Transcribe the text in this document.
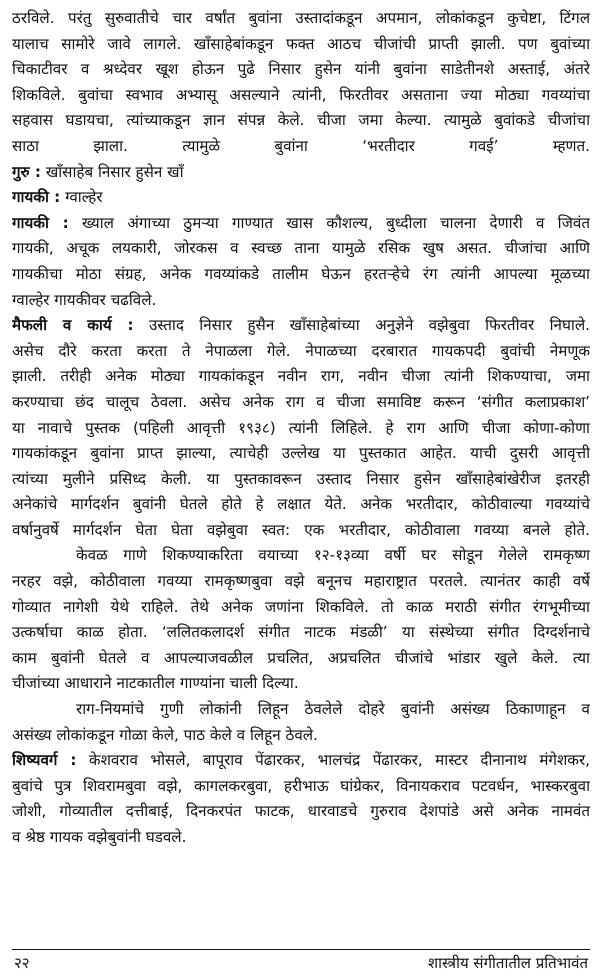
ठरविले. परंतु सुरुवातीचे चार वर्षांत बुवांना उस्तादांकडून अपमान, लोकांकडून कुचेष्टा, टिंगल
यालाच सामोरे जावे लागले. खाँसाहेबांकडून फक्त आठच चीजांची प्राप्ती झाली. पण बुवांच्या
चिकाटीवर व श्रध्देवर खूश होऊन पुढे निसार हुसेन यांनी बुवांना साडेतीनशे अस्ताई, अंतरे
शिकविले. बुवांचा स्वभाव अभ्यासू असल्याने त्यांनी, फिरतीवर असताना ज्या मोठ्या गवय्यांचा
सहवास घडायचा, त्यांच्याकडून ज्ञान संपन्न केले. चीजा जमा केल्या. त्यामुळे बुवांकडे चीजांचा
साठा झाला. त्यामुळे बुवांना ‘भरतीदार गवई’ म्हणत.
गुरु : खाँसाहेब निसार हुसेन खाँ
गायकी : ग्वाल्हेर
गायकी : ख्याल अंगाच्या ठुमऱ्या गाण्यात खास कौशल्य, बुध्दीला चालना देणारी व जिवंत
गायकी, अचूक लयकारी, जोरकस व स्वच्छ ताना यामुळे रसिक खुष असत. चीजांचा आणि
गायकीचा मोठा संग्रह, अनेक गवय्यांकडे तालीम घेऊन हरतऱ्हेचे रंग त्यांनी आपल्या मूळच्या
ग्वाल्हेर गायकीवर चढविले.
मैफली व कार्य : उस्ताद निसार हुसैन खाँसाहेबांच्या अनुज्ञेने वझेबुवा फिरतीवर निघाले.
असेच दौरे करता करता ते नेपाळला गेले. नेपाळच्या दरबारात गायकपदी बुवांची नेमणूक
झाली. तरीही अनेक मोठ्या गायकांकडून नवीन राग, नवीन चीजा त्यांनी शिकण्याचा, जमा
करण्याचा छंद चालूच ठेवला. असेच अनेक राग व चीजा समाविष्ट करून ‘संगीत कलाप्रकाश’
या नावाचे पुस्तक (पहिली आवृत्ती १९३८) त्यांनी लिहिले. हे राग आणि चीजा कोणा-कोणा
गायकांकडून बुवांना प्राप्त झाल्या, त्याचेही उल्लेख या पुस्तकात आहेत. याची दुसरी आवृत्ती
त्यांच्या मुलीने प्रसिध्द केली. या पुस्तकावरून उस्ताद निसार हुसेन खाँसाहेबांखेरीज इतरही
अनेकांचे मार्गदर्शन बुवांनी घेतले होते हे लक्षात येते. अनेक भरतीदार, कोठीवाल्या गवय्यांचे
वर्षानुवर्षे मार्गदर्शन घेता घेता वझेबुवा स्वत: एक भरतीदार, कोठीवाला गवय्या बनले होते.
केवळ गाणे शिकण्याकरिता वयाच्या १२-१३व्या वर्षी घर सोडून गेलेले रामकृष्ण
नरहर वझे, कोठीवाला गवय्या रामकृष्णबुवा वझे बनूनच महाराष्ट्रात परतले. त्यानंतर काही वर्षे
गोव्यात नागेशी येथे राहिले. तेथे अनेक जणांना शिकविले. तो काळ मराठी संगीत रंगभूमीच्या
उत्कर्षाचा काळ होता. ‘ललितकलादर्श संगीत नाटक मंडळी’ या संस्थेच्या संगीत दिग्दर्शनाचे
काम बुवांनी घेतले व आपल्याजवळील प्रचलित, अप्रचलित चीजांचे भांडार खुले केले. त्या
चीजांच्या आधाराने नाटकातील गाण्यांना चाली दिल्या.
राग-नियमांचे गुणी लोकांनी लिहून ठेवलेले दोहरे बुवांनी असंख्य ठिकाणाहून व
असंख्य लोकांकडून गोळा केले, पाठ केले व लिहून ठेवले.
शिष्यवर्ग : केशवराव भोसले, बापूराव पेंढारकर, भालचंद्र पेंढारकर, मास्टर दीनानाथ मंगेशकर,
बुवांचे पुत्र शिवरामबुवा वझे, कागलकरबुवा, हरीभाऊ घांग्रेकर, विनायकराव पटवर्धन, भास्करबुवा
जोशी, गोव्यातील दत्तीबाई, दिनकरपंत फाटक, धारवाडचे गुरुराव देशपांडे असे अनेक नामवंत
व श्रेष्ठ गायक वझेबुवांनी घडवले.
२२	शास्त्रीय संगीतातील प्रतिभावंत
